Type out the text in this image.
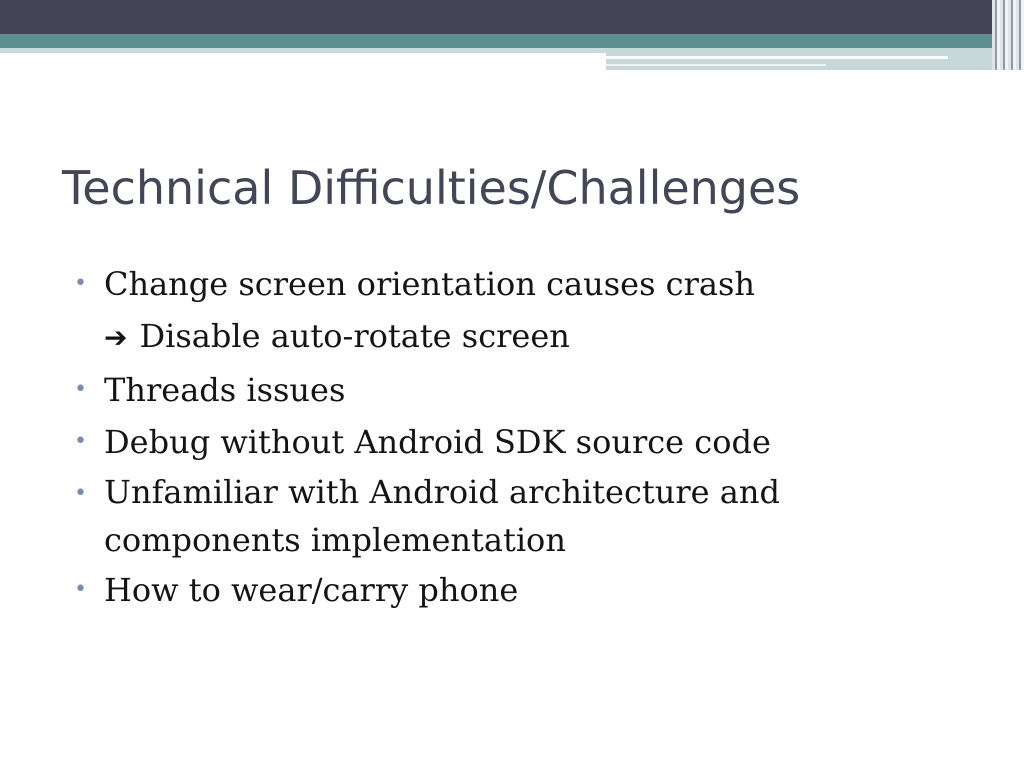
Technical Difficulties/Challenges
• Change screen orientation causes crash
➔ Disable auto-rotate screen
• Threads issues
• Debug without Android SDK source code
• Unfamiliar with Android architecture and
components implementation
• How to wear/carry phone
